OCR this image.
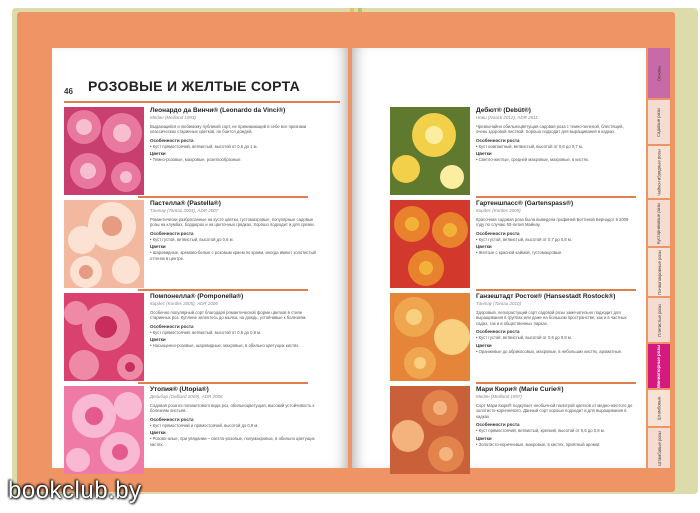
46 РОЗОВЫЕ И ЖЕЛТЫЕ СОРТА
Леонардо да Винчи® (Leonardo da Vinci®)
Мейян (Meilland 1993)
Выдающийся и любимому публикой сорт, не принимающий в себе все признаки классических старинных цветков, не боится дождей.
Особенности роста
• Куст прямостоячий, ветвистый, высотой от 0,6 до 1 м.
Цветки
• Темно-розовые, махровые, розеткообразные.
Пастелла® (Pastella®)
Тантау (Tantau 2004), ADR 2007
Романтически разбросанные на кусте цветки, густомахровые, популярные садовые розы на клумбах, бордюрах и на цветочных грядках. Хорошо подходит и для срезки.
Особенности роста
• Куст густой, ветвистый, высотой до 0,6 м.
Цветки
• Шаровидные, кремово-белые с розовым краем по краям, иногда имеют золотистый оттенок в центре.
Помпонелла® (Pomponella®)
Кордес (Kordes 2005), ADR 2006
Особенно популярный сорт благодаря романтической форме цветков в стиле старинных роз. Куплеие зелентесь до мычка, на дождь, устойчивые к болезням.
Особенности роста
• Куст прямостоячий, ветвистый, высотой от 0,6 до 0,9 м.
Цветки
• Насыщенно-розовые, шаровидные, махровые, в обильно цветущих кистях.
Утопия® (Utopia®)
Дельбар (Delbard 2009), ADR 2008
Садовая роза из полиантового вида роз, обильноцветущая, высокий устойчивость к болезням листьев.
Особенности роста
• Куст прямостоячий и прямостоячий, высотой до 0,9 м.
Цветки
• Розово-алые, при увядании – светло-розовые, полумахровые, в обильно цветущих кистях.
Дебют® (Debüt®)
Нови (Noack 2012), ADR 2011
Чрезвычайно обильноцветущая садовая роза с темно-зеленой, блестящей, очень здоровой листвой. Хорошо подходит для выращивания в кадках.
Особенности роста
• Куст компактный, ветвистый, высотой от 0,6 до 0,7 м.
Цветки
• Светло-желтые, средней махровые, махровые, в кистях.
Гартеншпасс® (Gartenspass®)
Кордес (Kordes 2009)
Красочная садовая роза была выведена графиней Беттиной Бернадот в 2009 году по случаю 50-летия Майнау.
Особенности роста
• Куст густой, ветвистый, высотой от 0,7 до 0,8 м.
Цветки
• Желтые с красной каймой, густомахровые.
Ганзештадт Росток® (Hansestadt Rostock®)
Тантау (Tantau 2010)
Здоровый, легкорастущий сорт садовой розы замечательно подходит для выращивания в группах или даже на большом пространстве, как и в частных садах, так и в общественных парках.
Особенности роста
• Куст густой, ветвистый, высотой от 0,6 до 0,8 м.
Цветки
• Оранжевые до абрикосовых, махровые, в небольших кистях, ароматные.
Мари Кюри® (Marie Curie®)
Мейян (Meilland 1997)
Сорт Мари Кюри® подкупает необычной палитрой цветков от медно-желтого до золотисто-коричневого. Данный сорт хорошо подходит и для выращивания в кадках.
Особенности роста
• Куст прямостоячий, ветвистый, крепкий, высотой от 0,6 до 0,8 м.
Цветки
• Золотисто-коричневые, махровые, в кистях, приятный аромат.
Основы
Садовые розы
Чайно-гибридные розы
Кустарниковые розы
Почвопокровные розы
Плетистые розы
Миниатюрные розы
Штамбовые
Штамбовые розы
bookclub.by
